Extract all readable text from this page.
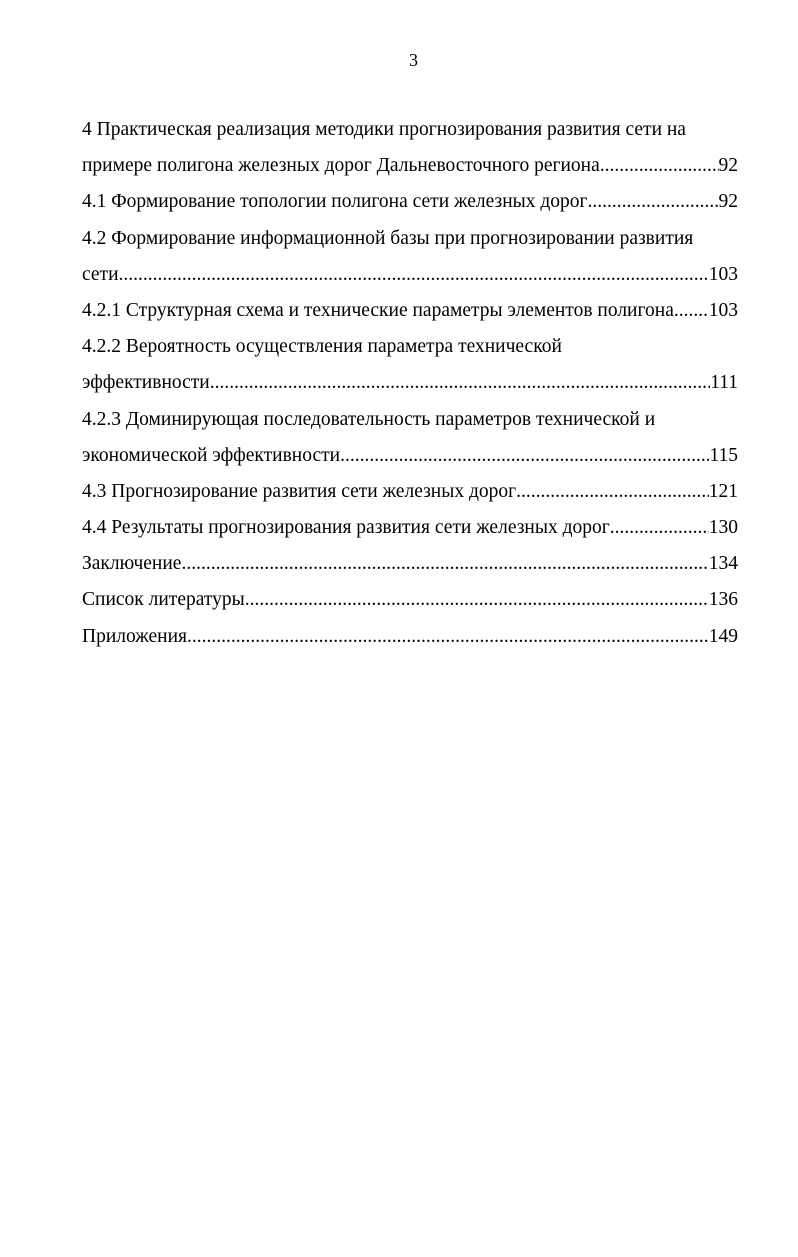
3
4 Практическая реализация методики прогнозирования развития сети на
примере полигона железных дорог Дальневосточного региона .....	92
4.1 Формирование топологии полигона сети железных дорог .....	92
4.2 Формирование информационной базы при прогнозировании развития
сети .....	103
4.2.1 Структурная схема и технические параметры элементов полигона ..... 103
4.2.2 Вероятность осуществления параметра технической
эффективности .....	111
4.2.3 Доминирующая последовательность параметров технической и
экономической эффективности .....	115
4.3 Прогнозирование развития сети железных дорог .....	121
4.4 Результаты прогнозирования развития сети железных дорог .....	130
Заключение .....	134
Список литературы .....	136
Приложения .....	149
